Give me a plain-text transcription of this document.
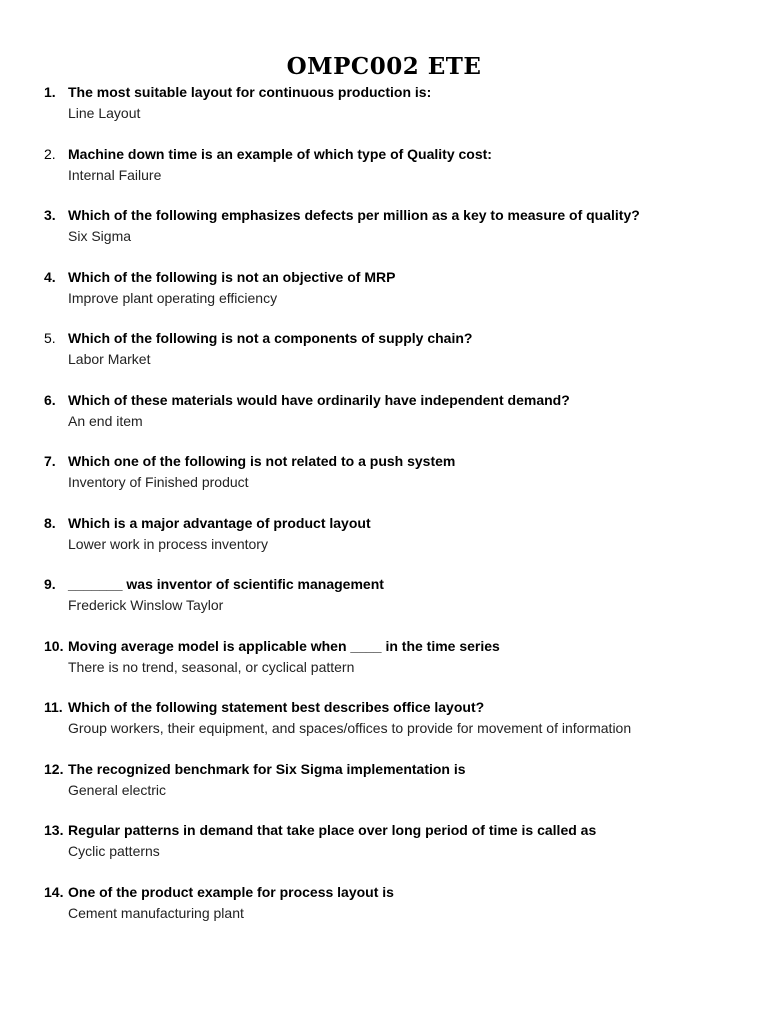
OMPC002 ETE
1. The most suitable layout for continuous production is:
Line Layout
2. Machine down time is an example of which type of Quality cost:
Internal Failure
3. Which of the following emphasizes defects per million as a key to measure of quality?
Six Sigma
4. Which of the following is not an objective of MRP
Improve plant operating efficiency
5. Which of the following is not a components of supply chain?
Labor Market
6. Which of these materials would have ordinarily have independent demand?
An end item
7. Which one of the following is not related to a push system
Inventory of Finished product
8. Which is a major advantage of product layout
Lower work in process inventory
9. _______ was inventor of scientific management
Frederick Winslow Taylor
10. Moving average model is applicable when ____ in the time series
There is no trend, seasonal, or cyclical pattern
11. Which of the following statement best describes office layout?
Group workers, their equipment, and spaces/offices to provide for movement of information
12. The recognized benchmark for Six Sigma implementation is
General electric
13. Regular patterns in demand that take place over long period of time is called as
Cyclic patterns
14. One of the product example for process layout is
Cement manufacturing plant
